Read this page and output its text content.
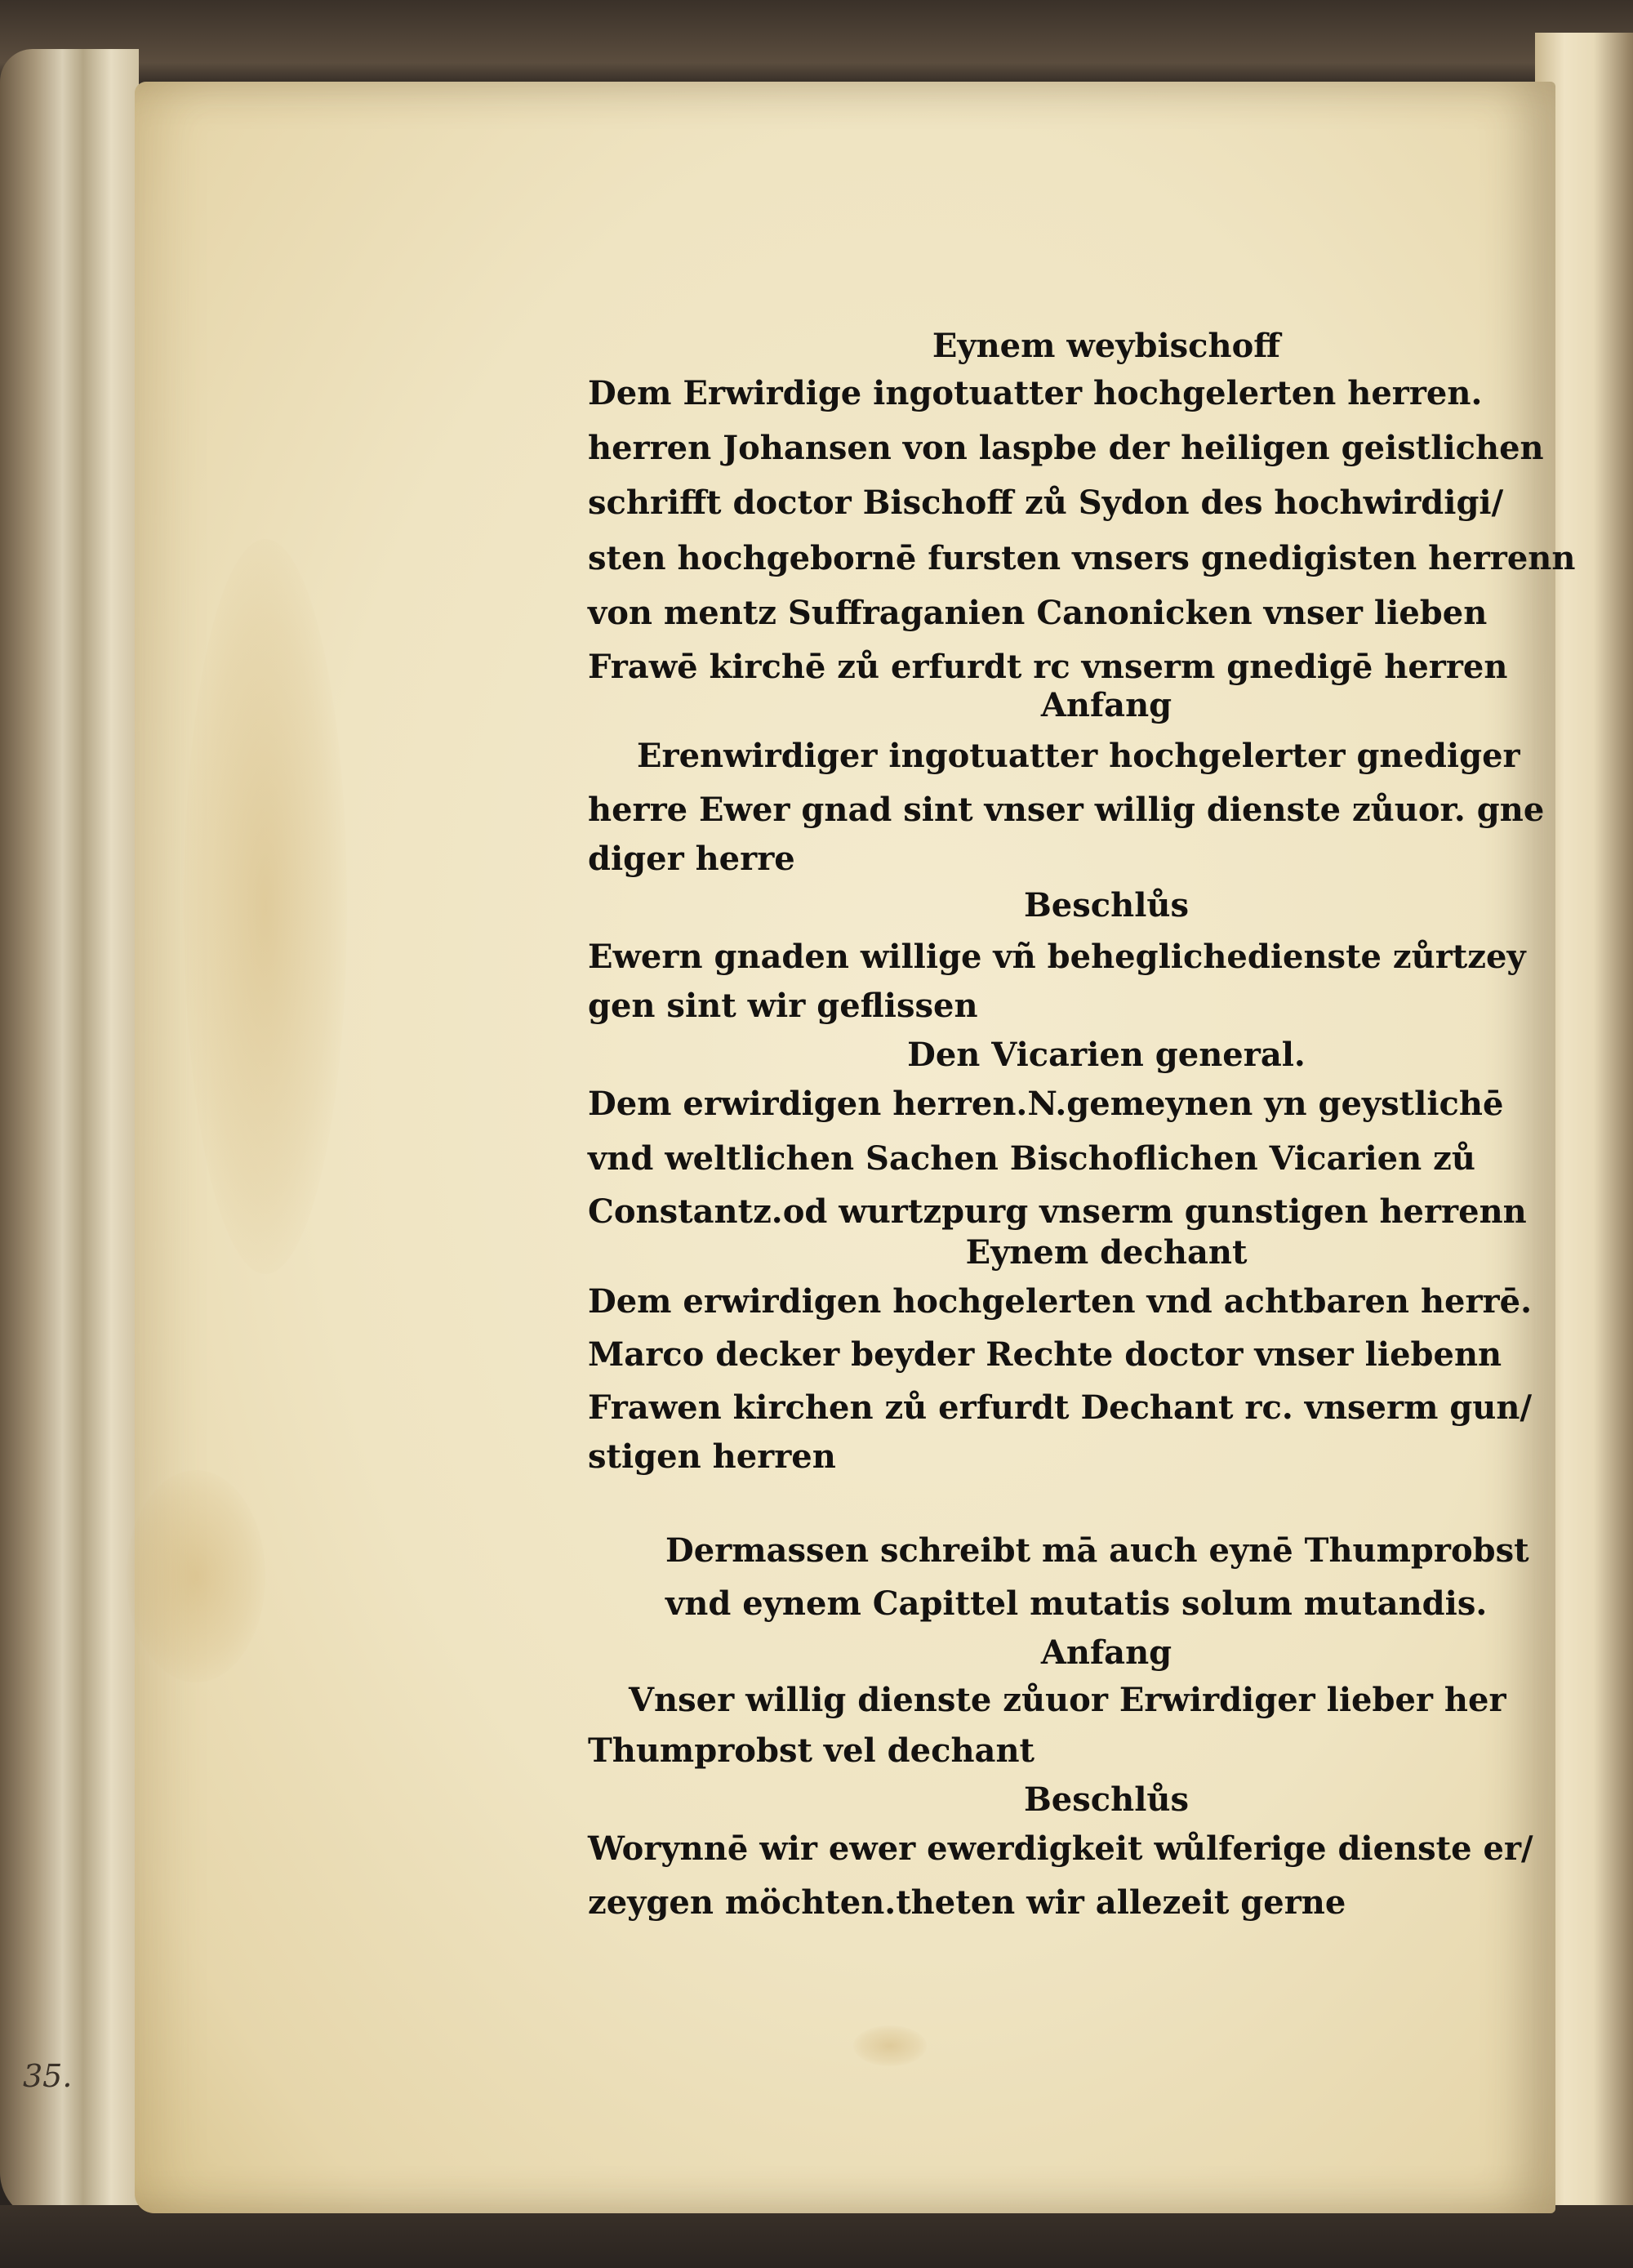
Eynem weybischoff
Dem Erwirdige ingotuatter hochgelerten herren.
herren Johansen von laspbe der heiligen geistlichen
schrifft doctor Bischoff zů Sydon des hochwirdigi/
sten hochgebornē fursten vnsers gnedigisten herrenn
von mentz Suffraganien Canonicken vnser lieben
Frawē kirchē zů erfurdt rc vnserm gnedigē herren
Anfang
Erenwirdiger ingotuatter hochgelerter gnediger
herre Ewer gnad sint vnser willig dienste zůuor. gne
diger herre
Beschlůs
Ewern gnaden willige vñ beheglichedienste zůrtzey
gen sint wir geflissen
Den Vicarien general.
Dem erwirdigen herren.N.gemeynen yn geystlichē
vnd weltlichen Sachen Bischoflichen Vicarien zů
Constantz.od wurtzpurg vnserm gunstigen herrenn
Eynem dechant
Dem erwirdigen hochgelerten vnd achtbaren herrē.
Marco decker beyder Rechte doctor vnser liebenn
Frawen kirchen zů erfurdt Dechant rc. vnserm gun/
stigen herren
Dermassen schreibt mā auch eynē Thumprobst
vnd eynem Capittel mutatis solum mutandis.
Anfang
Vnser willig dienste zůuor Erwirdiger lieber her
Thumprobst vel dechant
Beschlůs
Worynnē wir ewer ewerdigkeit wůlferige dienste er/
zeygen möchten.theten wir allezeit gerne
35.
